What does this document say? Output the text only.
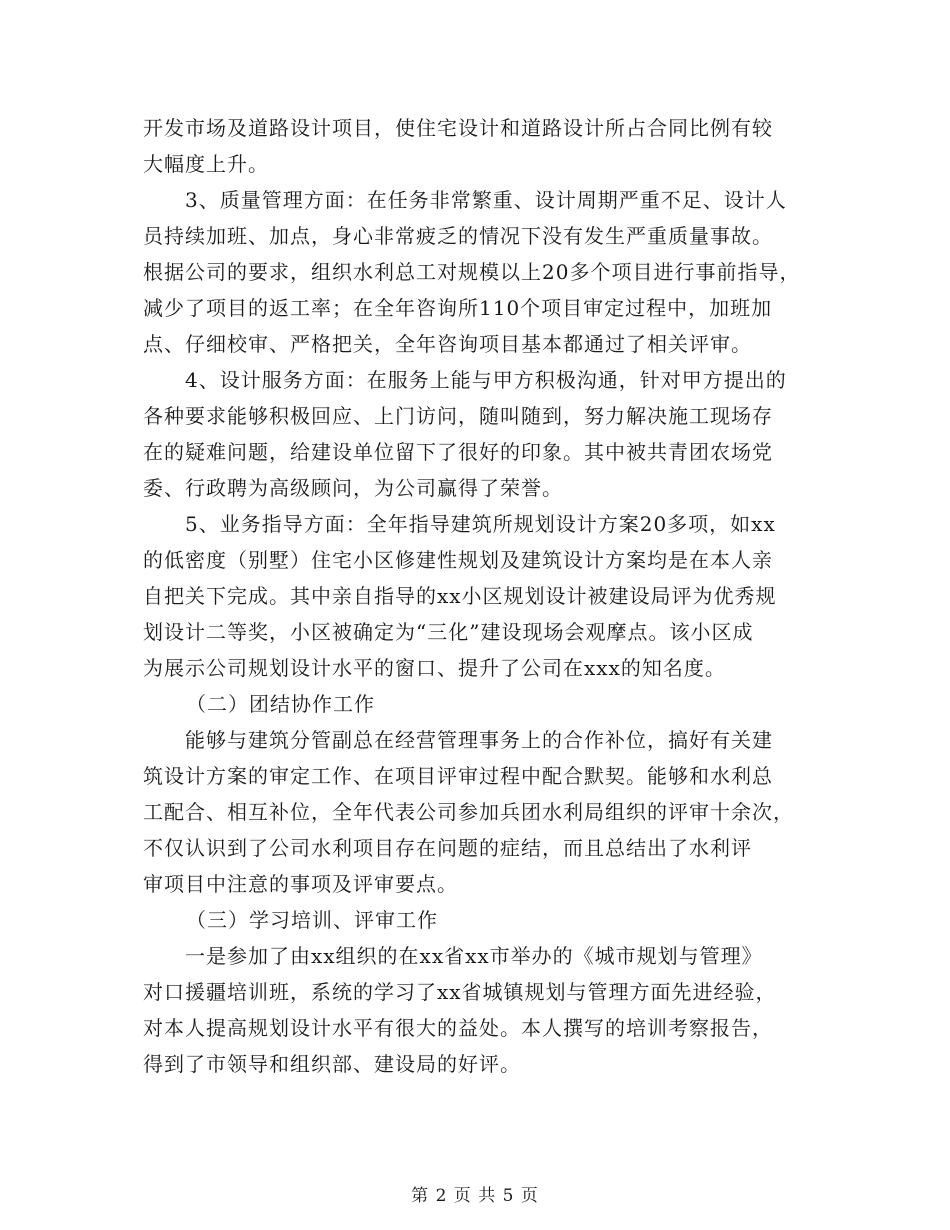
开发市场及道路设计项目，使住宅设计和道路设计所占合同比例有较
大幅度上升。
3、质量管理方面：在任务非常繁重、设计周期严重不足、设计人
员持续加班、加点，身心非常疲乏的情况下没有发生严重质量事故。
根据公司的要求，组织水利总工对规模以上20多个项目进行事前指导，
减少了项目的返工率；在全年咨询所110个项目审定过程中，加班加
点、仔细校审、严格把关，全年咨询项目基本都通过了相关评审。
4、设计服务方面：在服务上能与甲方积极沟通，针对甲方提出的
各种要求能够积极回应、上门访问，随叫随到，努力解决施工现场存
在的疑难问题，给建设单位留下了很好的印象。其中被共青团农场党
委、行政聘为高级顾问，为公司赢得了荣誉。
5、业务指导方面：全年指导建筑所规划设计方案20多项，如xx
的低密度（别墅）住宅小区修建性规划及建筑设计方案均是在本人亲
自把关下完成。其中亲自指导的xx小区规划设计被建设局评为优秀规
划设计二等奖，小区被确定为“三化”建设现场会观摩点。该小区成
为展示公司规划设计水平的窗口、提升了公司在xxx的知名度。
（二）团结协作工作
能够与建筑分管副总在经营管理事务上的合作补位，搞好有关建
筑设计方案的审定工作、在项目评审过程中配合默契。能够和水利总
工配合、相互补位，全年代表公司参加兵团水利局组织的评审十余次，
不仅认识到了公司水利项目存在问题的症结，而且总结出了水利评
审项目中注意的事项及评审要点。
（三）学习培训、评审工作
一是参加了由xx组织的在xx省xx市举办的《城市规划与管理》
对口援疆培训班，系统的学习了xx省城镇规划与管理方面先进经验，
对本人提高规划设计水平有很大的益处。本人撰写的培训考察报告，
得到了市领导和组织部、建设局的好评。
第 2 页 共 5 页
